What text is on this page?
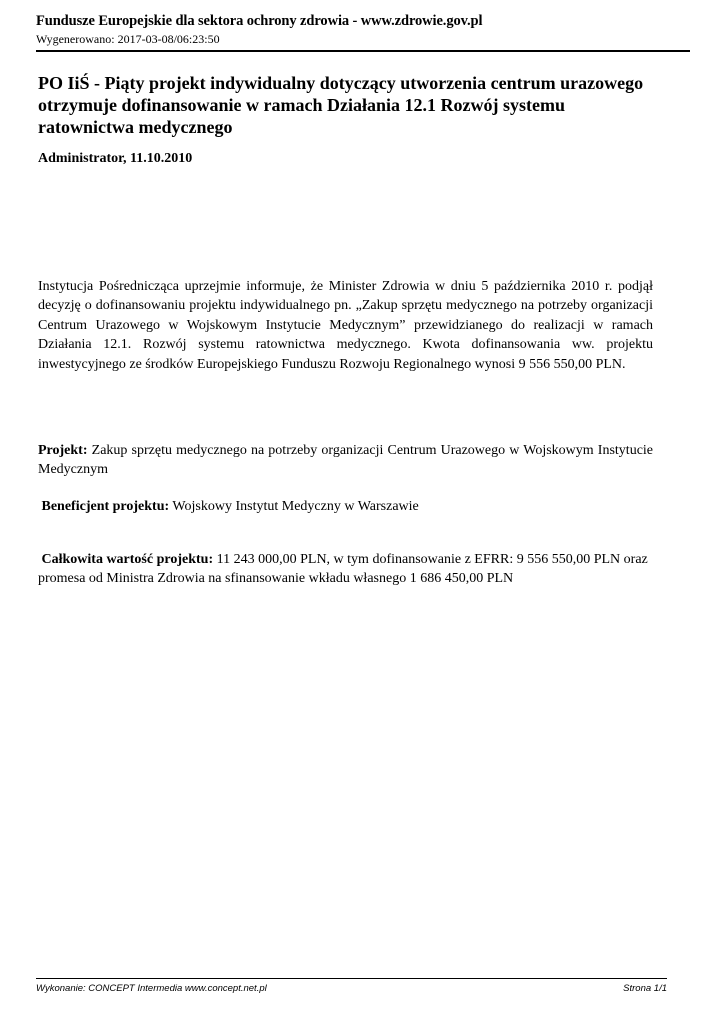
Fundusze Europejskie dla sektora ochrony zdrowia - www.zdrowie.gov.pl
Wygenerowano: 2017-03-08/06:23:50
PO IiŚ - Piąty projekt indywidualny dotyczący utworzenia centrum urazowego otrzymuje dofinansowanie w ramach Działania 12.1 Rozwój systemu ratownictwa medycznego
Administrator, 11.10.2010

Instytucja Pośrednicząca uprzejmie informuje, że Minister Zdrowia w dniu 5 października 2010 r. podjął decyzję o dofinansowaniu projektu indywidualnego pn. „Zakup sprzętu medycznego na potrzeby organizacji Centrum Urazowego w Wojskowym Instytucie Medycznym” przewidzianego do realizacji w ramach Działania 12.1. Rozwój systemu ratownictwa medycznego. Kwota dofinansowania ww. projektu inwestycyjnego ze środków Europejskiego Funduszu Rozwoju Regionalnego wynosi 9 556 550,00 PLN.

Projekt: Zakup sprzętu medycznego na potrzeby organizacji Centrum Urazowego w Wojskowym Instytucie Medycznym

Beneficjent projektu: Wojskowy Instytut Medyczny w Warszawie

Całkowita wartość projektu: 11 243 000,00 PLN, w tym dofinansowanie z EFRR: 9 556 550,00 PLN oraz promesa od Ministra Zdrowia na sfinansowanie wkładu własnego 1 686 450,00 PLN

Wykonanie: CONCEPT Intermedia www.concept.net.pl	Strona 1/1
